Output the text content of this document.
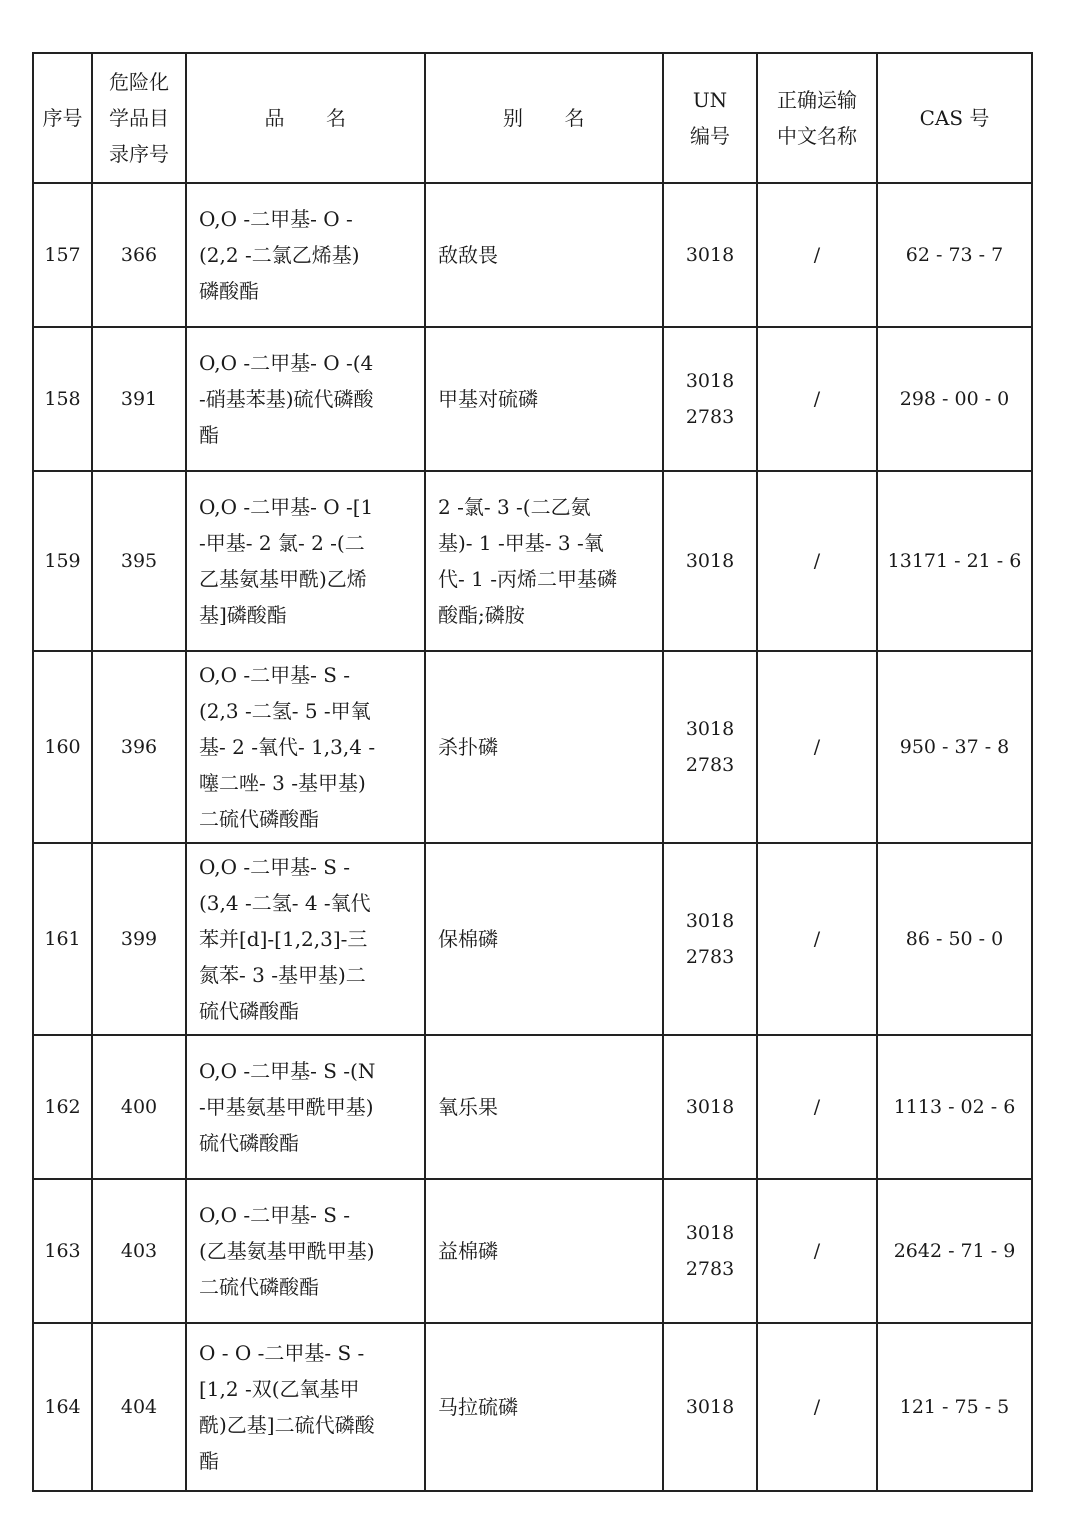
序号	危险化
学品目
录序号	品　　名	别　　名	UN
编号	正确运输
中文名称	CAS 号
157	366	O,O -二甲基- O -
(2,2 -二氯乙烯基)
磷酸酯	敌敌畏	3018	/	62 - 73 - 7
158	391	O,O -二甲基- O -(4
-硝基苯基)硫代磷酸
酯	甲基对硫磷	3018
2783	/	298 - 00 - 0
159	395	O,O -二甲基- O -[1
-甲基- 2 氯- 2 -(二
乙基氨基甲酰)乙烯
基]磷酸酯	2 -氯- 3 -(二乙氨
基)- 1 -甲基- 3 -氧
代- 1 -丙烯二甲基磷
酸酯;磷胺	3018	/	13171 - 21 - 6
160	396	O,O -二甲基- S -
(2,3 -二氢- 5 -甲氧
基- 2 -氧代- 1,3,4 -
噻二唑- 3 -基甲基)
二硫代磷酸酯	杀扑磷	3018
2783	/	950 - 37 - 8
161	399	O,O -二甲基- S -
(3,4 -二氢- 4 -氧代
苯并[d]-[1,2,3]-三
氮苯- 3 -基甲基)二
硫代磷酸酯	保棉磷	3018
2783	/	86 - 50 - 0
162	400	O,O -二甲基- S -(N
-甲基氨基甲酰甲基)
硫代磷酸酯	氧乐果	3018	/	1113 - 02 - 6
163	403	O,O -二甲基- S -
(乙基氨基甲酰甲基)
二硫代磷酸酯	益棉磷	3018
2783	/	2642 - 71 - 9
164	404	O - O -二甲基- S -
[1,2 -双(乙氧基甲
酰)乙基]二硫代磷酸
酯	马拉硫磷	3018	/	121 - 75 - 5
